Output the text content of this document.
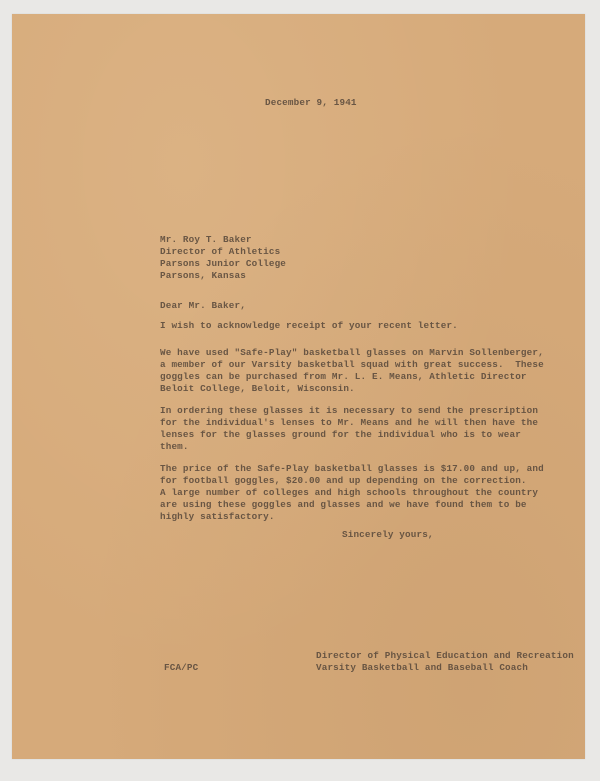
December 9, 1941
Mr. Roy T. Baker
Director of Athletics
Parsons Junior College
Parsons, Kansas
Dear Mr. Baker,
I wish to acknowledge receipt of your recent letter.
We have used "Safe-Play" basketball glasses on Marvin Sollenberger,
a member of our Varsity basketball squad with great success.  These
goggles can be purchased from Mr. L. E. Means, Athletic Director
Beloit College, Beloit, Wisconsin.
In ordering these glasses it is necessary to send the prescription
for the individual's lenses to Mr. Means and he will then have the
lenses for the glasses ground for the individual who is to wear
them.
The price of the Safe-Play basketball glasses is $17.00 and up, and
for football goggles, $20.00 and up depending on the correction.
A large number of colleges and high schools throughout the country
are using these goggles and glasses and we have found them to be
highly satisfactory.
Sincerely yours,
Director of Physical Education and Recreation
Varsity Basketball and Baseball Coach
FCA/PC
